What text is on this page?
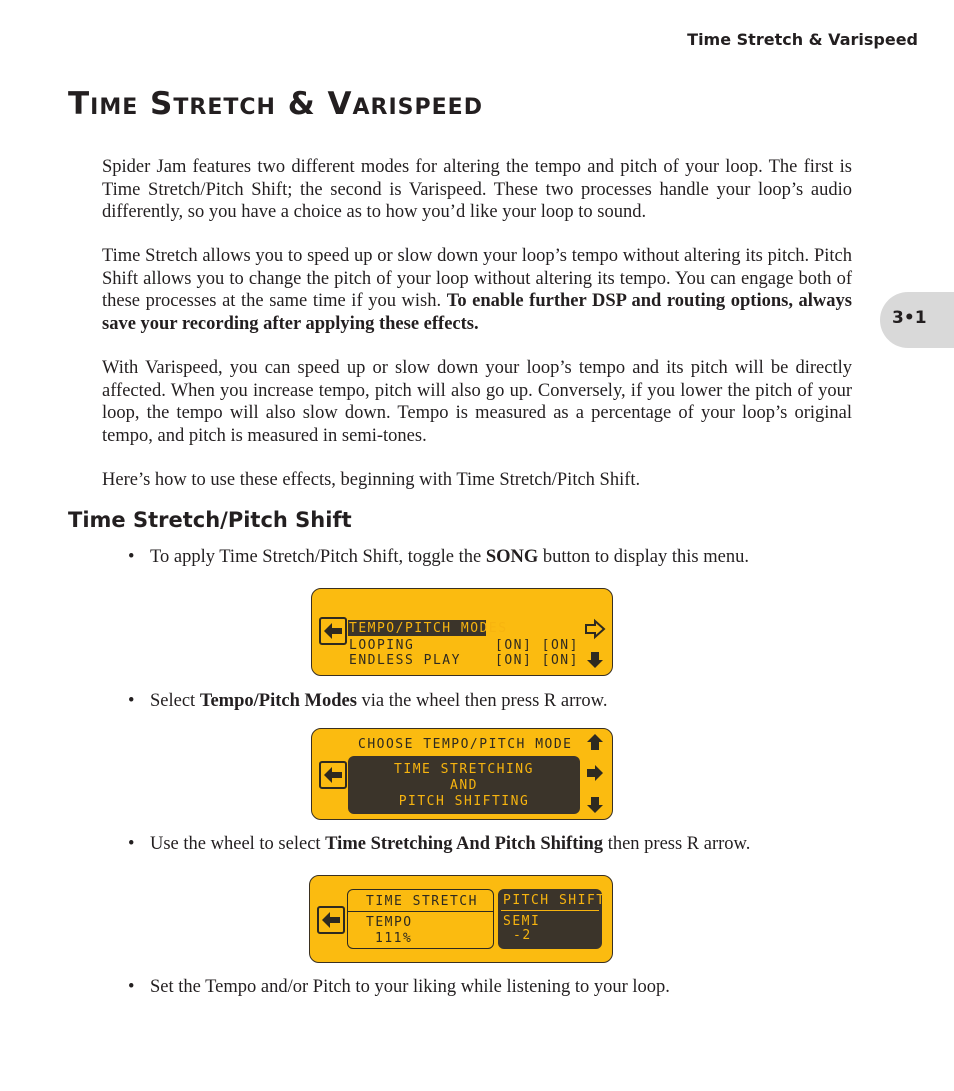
Time Stretch & Varispeed
3•1
Time Stretch & Varispeed

Spider Jam features two different modes for altering the tempo and pitch of your loop. The first is Time Stretch/Pitch Shift; the second is Varispeed. These two processes handle your loop’s audio differently, so you have a choice as to how you’d like your loop to sound.

Time Stretch allows you to speed up or slow down your loop’s tempo without altering its pitch. Pitch Shift allows you to change the pitch of your loop without altering its tempo. You can engage both of these processes at the same time if you wish. To enable further DSP and routing options, always save your recording after applying these effects.

With Varispeed, you can speed up or slow down your loop’s tempo and its pitch will be directly affected. When you increase tempo, pitch will also go up. Conversely, if you lower the pitch of your loop, the tempo will also slow down. Tempo is measured as a percentage of your loop’s original tempo, and pitch is measured in semi-tones.

Here’s how to use these effects, beginning with Time Stretch/Pitch Shift.

Time Stretch/Pitch Shift

• To apply Time Stretch/Pitch Shift, toggle the SONG button to display this menu.

TEMPO/PITCH MODES
LOOPING	[ON] [ON]
ENDLESS PLAY	[ON] [ON]

• Select Tempo/Pitch Modes via the wheel then press R arrow.

CHOOSE TEMPO/PITCH MODE
TIME STRETCHING
AND
PITCH SHIFTING

• Use the wheel to select Time Stretching And Pitch Shifting then press R arrow.

TIME STRETCH
TEMPO
111%
PITCH SHIFT
SEMI
-2

• Set the Tempo and/or Pitch to your liking while listening to your loop.
